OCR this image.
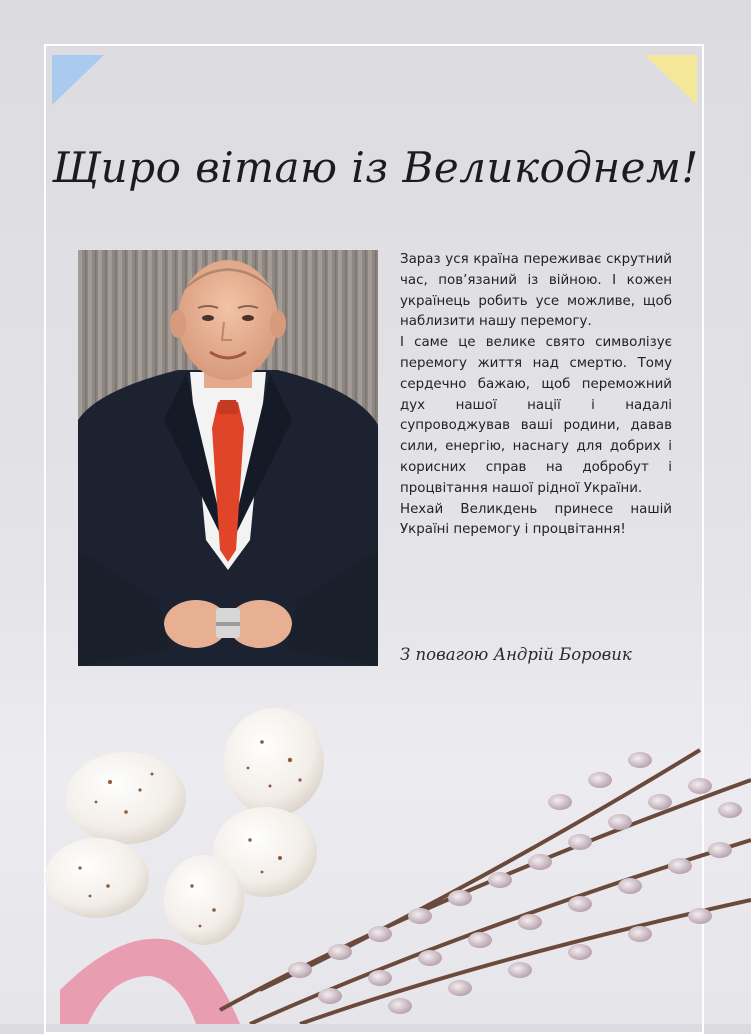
Щиро вітаю із Великоднем!

Зараз уся країна переживає скрутний час, пов’язаний із війною. І кожен українець робить усе можливе, щоб наблизити нашу перемогу.

І саме це велике свято символізує перемогу життя над смертю. Тому сердечно бажаю, щоб переможний дух нашої нації і надалі супроводжував ваші родини, давав сили, енергію, наснагу для добрих і корисних справ на добробут і процвітання нашої рідної України.

Нехай Великдень принесе нашій Україні перемогу і процвітання!

З повагою Андрій Боровик
